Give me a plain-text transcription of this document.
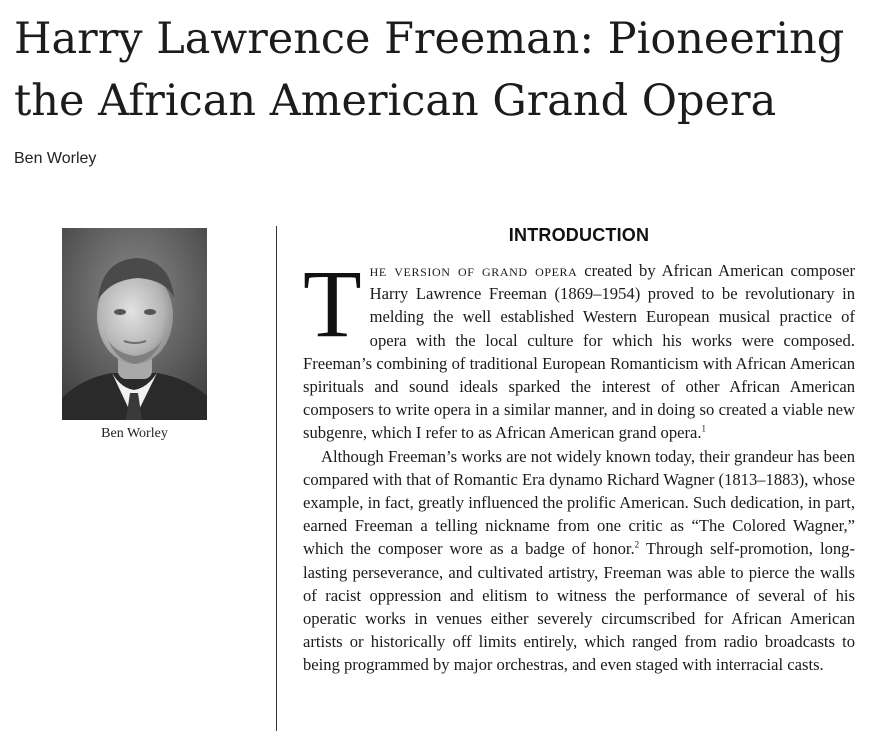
Harry Lawrence Freeman: Pioneering
the African American Grand Opera
Ben Worley
Ben Worley
INTRODUCTION

The version of grand opera created by African American composer Harry Lawrence Freeman (1869–1954) proved to be revolutionary in melding the well established Western European musical practice of opera with the local culture for which his works were composed. Freeman’s combining of traditional European Romanticism with African American spirituals and sound ideals sparked the interest of other African American composers to write opera in a similar manner, and in doing so created a viable new subgenre, which I refer to as African American grand opera.$^1$

Although Freeman’s works are not widely known today, their grandeur has been compared with that of Romantic Era dynamo Richard Wagner (1813–1883), whose example, in fact, greatly influenced the prolific American. Such dedication, in part, earned Freeman a telling nickname from one critic as “The Colored Wagner,” which the composer wore as a badge of honor.$^2$ Through self-promotion, long-lasting perseverance, and cultivated artistry, Freeman was able to pierce the walls of racist oppression and elitism to witness the performance of several of his operatic works in venues either severely circumscribed for African American artists or historically off limits entirely, which ranged from radio broadcasts to being programmed by major orchestras, and even staged with interracial casts.
